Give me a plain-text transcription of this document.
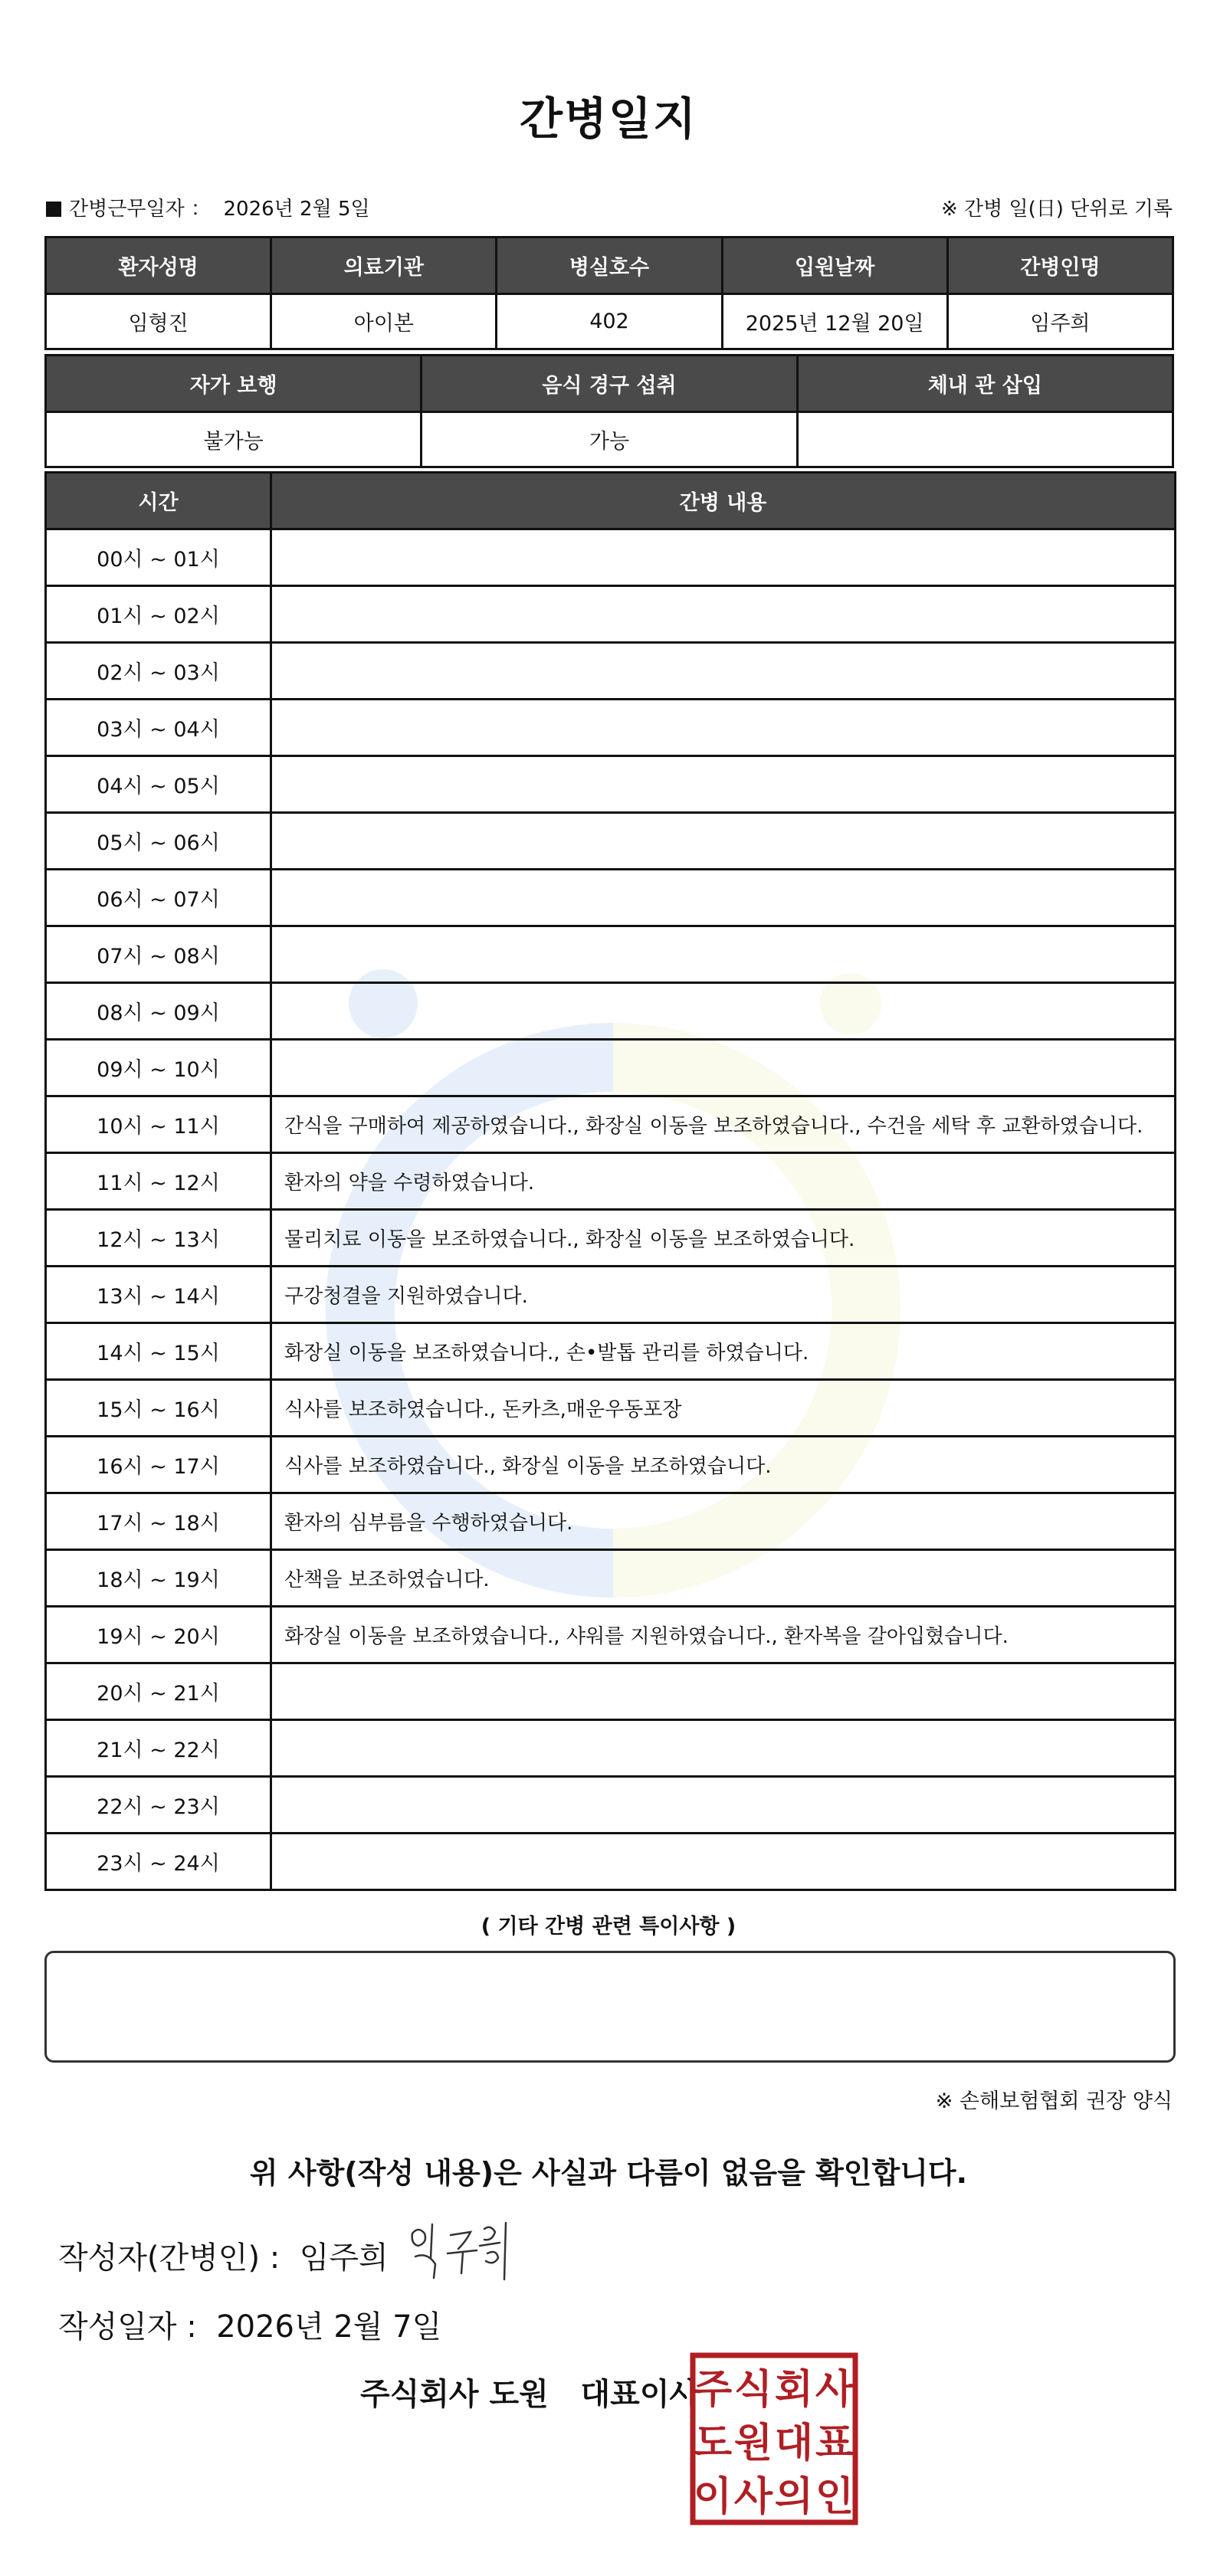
간병일지
간병근무일자 ： 2026년 2월 5일	※ 간병 일(日) 단위로 기록
환자성명	의료기관	병실호수	입원날짜	간병인명
임형진	아이본	402	2025년 12월 20일	임주희
자가 보행	음식 경구 섭취	체내 관 삽입
불가능	가능	
시간	간병 내용
00시 ~ 01시	
01시 ~ 02시	
02시 ~ 03시	
03시 ~ 04시	
04시 ~ 05시	
05시 ~ 06시	
06시 ~ 07시	
07시 ~ 08시	
08시 ~ 09시	
09시 ~ 10시	
10시 ~ 11시	간식을 구매하여 제공하였습니다., 화장실 이동을 보조하였습니다., 수건을 세탁 후 교환하였습니다.
11시 ~ 12시	환자의 약을 수령하였습니다.
12시 ~ 13시	물리치료 이동을 보조하였습니다., 화장실 이동을 보조하였습니다.
13시 ~ 14시	구강청결을 지원하였습니다.
14시 ~ 15시	화장실 이동을 보조하였습니다., 손•발톱 관리를 하였습니다.
15시 ~ 16시	식사를 보조하였습니다., 돈카츠,매운우동포장
16시 ~ 17시	식사를 보조하였습니다., 화장실 이동을 보조하였습니다.
17시 ~ 18시	환자의 심부름을 수행하였습니다.
18시 ~ 19시	산책을 보조하였습니다.
19시 ~ 20시	화장실 이동을 보조하였습니다., 샤워를 지원하였습니다., 환자복을 갈아입혔습니다.
20시 ~ 21시	
21시 ~ 22시	
22시 ~ 23시	
23시 ~ 24시	
( 기타 간병 관련 특이사항 )
※ 손해보험협회 권장 양식
위 사항(작성 내용)은 사실과 다름이 없음을 확인합니다.
작성자(간병인) : 임주희
작성일자 : 2026년 2월 7일
주식회사 도원 대표이사
주 식 회 사
도 원 대 표
이 사 의 인
